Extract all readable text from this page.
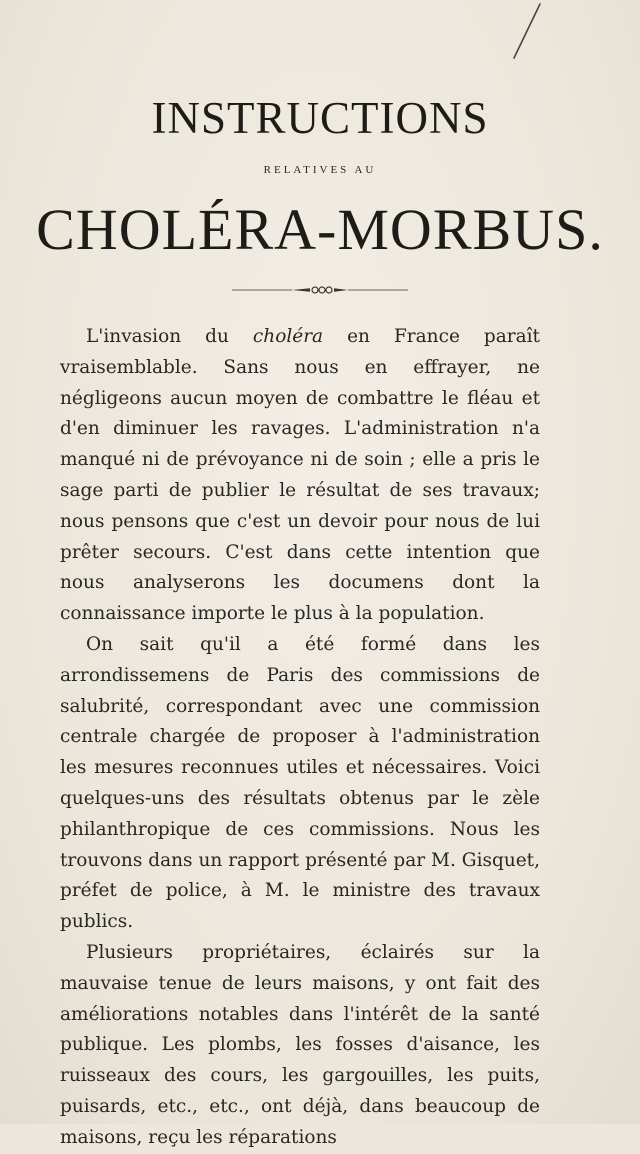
INSTRUCTIONS
RELATIVES AU
CHOLÉRA-MORBUS.

L'invasion du choléra en France paraît vraisemblable. Sans nous en effrayer, ne négligeons aucun moyen de combattre le fléau et d'en diminuer les ravages. L'administration n'a manqué ni de prévoyance ni de soin ; elle a pris le sage parti de publier le résultat de ses travaux; nous pensons que c'est un devoir pour nous de lui prêter secours. C'est dans cette intention que nous analyserons les documens dont la connaissance importe le plus à la population.

On sait qu'il a été formé dans les arrondissemens de Paris des commissions de salubrité, correspondant avec une commission centrale chargée de proposer à l'administration les mesures reconnues utiles et nécessaires. Voici quelques-uns des résultats obtenus par le zèle philanthropique de ces commissions. Nous les trouvons dans un rapport présenté par M. Gisquet, préfet de police, à M. le ministre des travaux publics.

Plusieurs propriétaires, éclairés sur la mauvaise tenue de leurs maisons, y ont fait des améliorations notables dans l'intérêt de la santé publique. Les plombs, les fosses d'aisance, les ruisseaux des cours, les gargouilles, les puits, puisards, etc., etc., ont déjà, dans beaucoup de maisons, reçu les réparations
